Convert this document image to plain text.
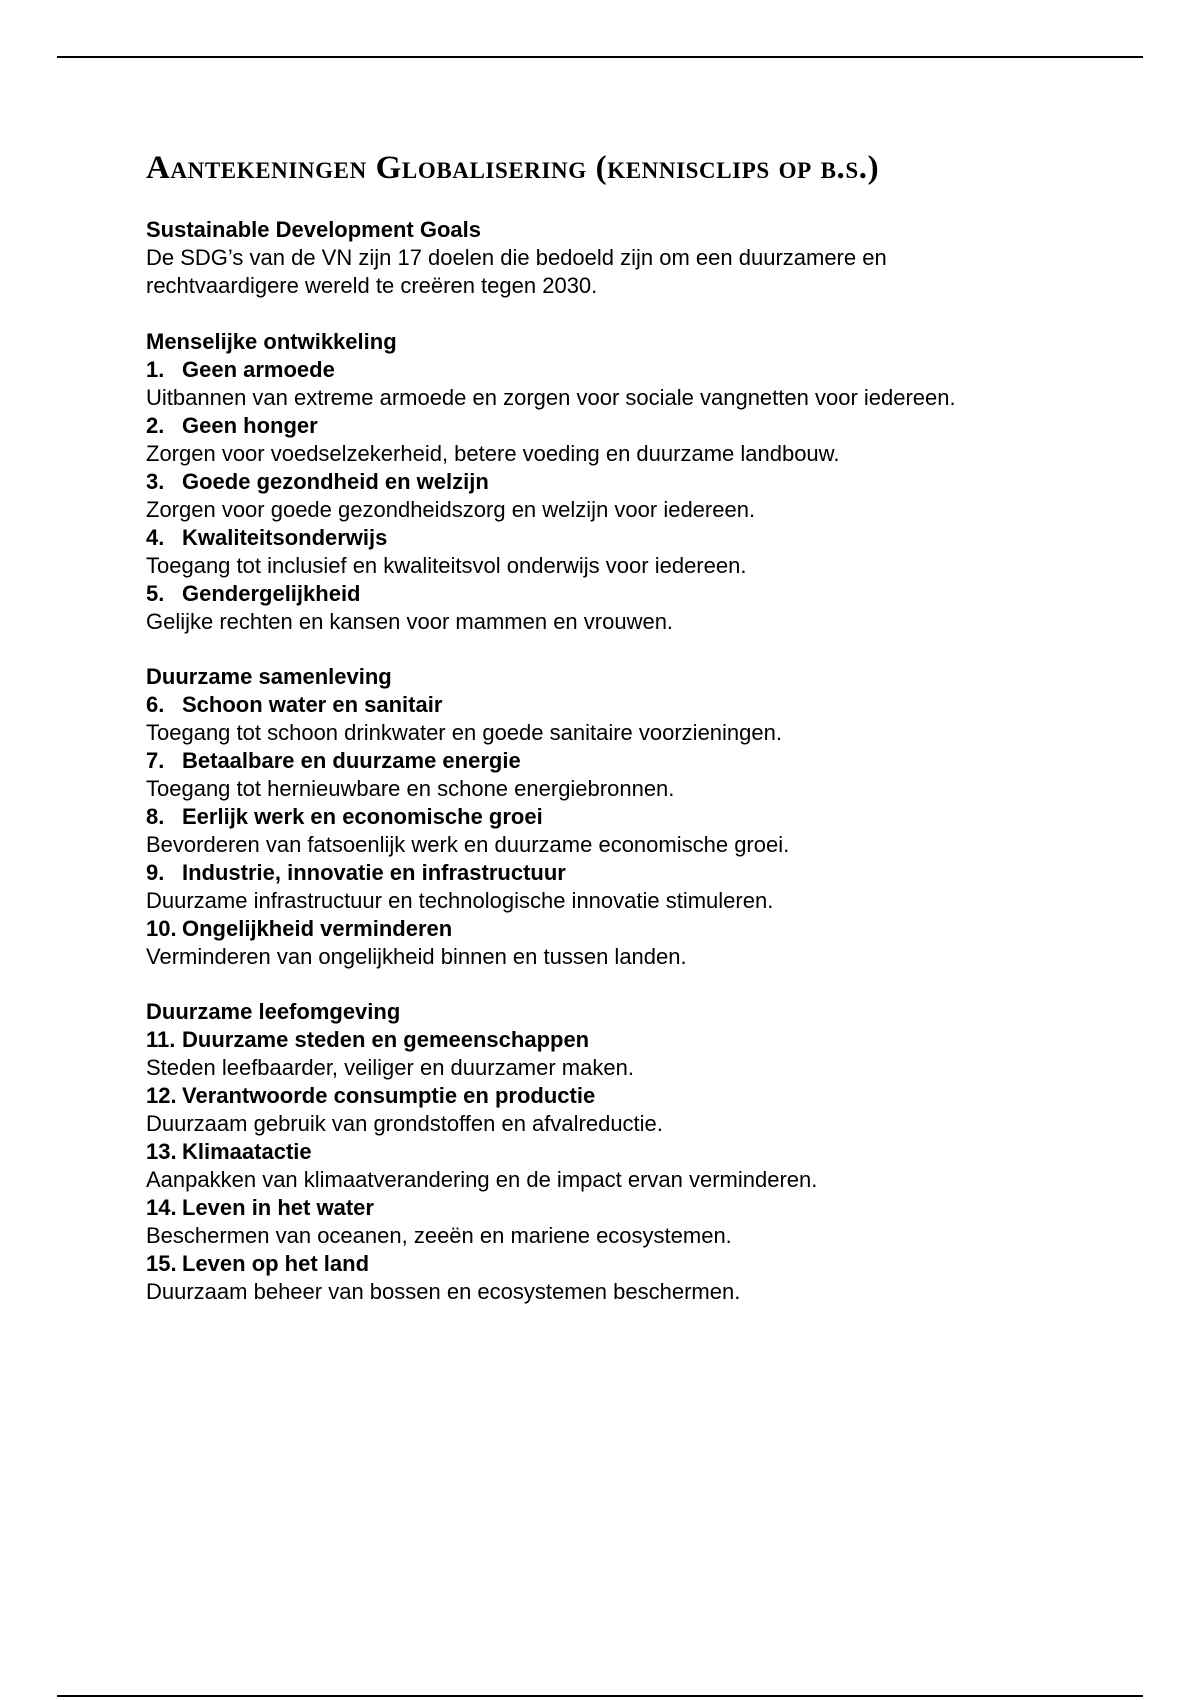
Aantekeningen Globalisering (kennisclips op b.s.)

Sustainable Development Goals

De SDG’s van de VN zijn 17 doelen die bedoeld zijn om een duurzamere en rechtvaardigere wereld te creëren tegen 2030.

Menselijke ontwikkeling

1. Geen armoede
Uitbannen van extreme armoede en zorgen voor sociale vangnetten voor iedereen.
2. Geen honger
Zorgen voor voedselzekerheid, betere voeding en duurzame landbouw.
3. Goede gezondheid en welzijn
Zorgen voor goede gezondheidszorg en welzijn voor iedereen.
4. Kwaliteitsonderwijs
Toegang tot inclusief en kwaliteitsvol onderwijs voor iedereen.
5. Gendergelijkheid
Gelijke rechten en kansen voor mammen en vrouwen.

Duurzame samenleving

6. Schoon water en sanitair
Toegang tot schoon drinkwater en goede sanitaire voorzieningen.
7. Betaalbare en duurzame energie
Toegang tot hernieuwbare en schone energiebronnen.
8. Eerlijk werk en economische groei
Bevorderen van fatsoenlijk werk en duurzame economische groei.
9. Industrie, innovatie en infrastructuur
Duurzame infrastructuur en technologische innovatie stimuleren.
10. Ongelijkheid verminderen
Verminderen van ongelijkheid binnen en tussen landen.

Duurzame leefomgeving

11. Duurzame steden en gemeenschappen
Steden leefbaarder, veiliger en duurzamer maken.
12. Verantwoorde consumptie en productie
Duurzaam gebruik van grondstoffen en afvalreductie.
13. Klimaatactie
Aanpakken van klimaatverandering en de impact ervan verminderen.
14. Leven in het water
Beschermen van oceanen, zeeën en mariene ecosystemen.
15. Leven op het land
Duurzaam beheer van bossen en ecosystemen beschermen.
